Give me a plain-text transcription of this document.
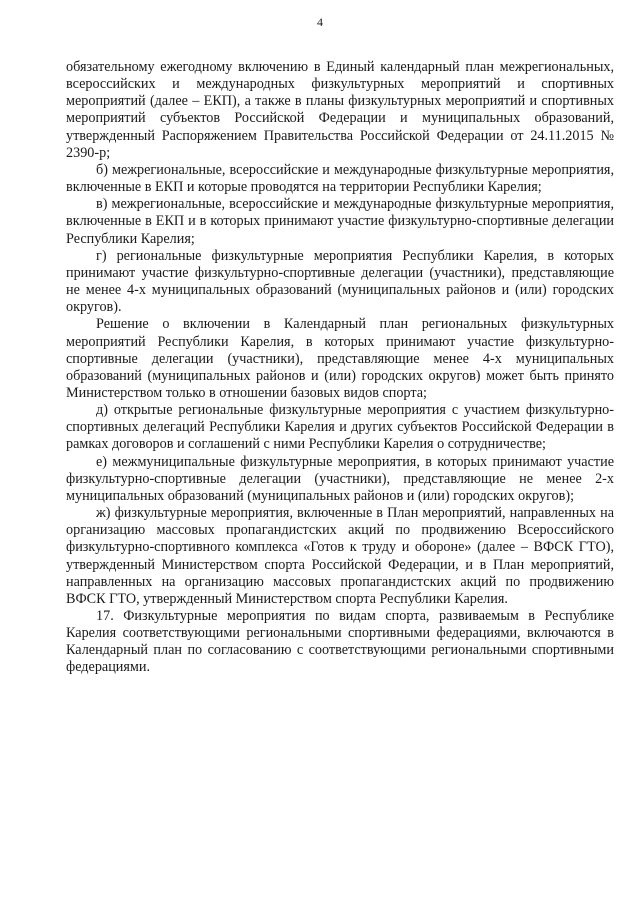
4

обязательному ежегодному включению в Единый календарный план межрегиональных, всероссийских и международных физкультурных мероприятий и спортивных мероприятий (далее – ЕКП), а также в планы физкультурных мероприятий и спортивных мероприятий субъектов Российской Федерации и муниципальных образований, утвержденный Распоряжением Правительства Российской Федерации от 24.11.2015 № 2390-р;

б) межрегиональные, всероссийские и международные физкультурные мероприятия, включенные в ЕКП и которые проводятся на территории Республики Карелия;

в) межрегиональные, всероссийские и международные физкультурные мероприятия, включенные в ЕКП и в которых принимают участие физкультурно-спортивные делегации Республики Карелия;

г) региональные физкультурные мероприятия Республики Карелия, в которых принимают участие физкультурно-спортивные делегации (участники), представляющие не менее 4-х муниципальных образований (муниципальных районов и (или) городских округов).

Решение о включении в Календарный план региональных физкультурных мероприятий Республики Карелия, в которых принимают участие физкультурно-спортивные делегации (участники), представляющие менее 4-х муниципальных образований (муниципальных районов и (или) городских округов) может быть принято Министерством только в отношении базовых видов спорта;

д) открытые региональные физкультурные мероприятия с участием физкультурно-спортивных делегаций Республики Карелия и других субъектов Российской Федерации в рамках договоров и соглашений с ними Республики Карелия о сотрудничестве;

е) межмуниципальные физкультурные мероприятия, в которых принимают участие физкультурно-спортивные делегации (участники), представляющие не менее 2-х муниципальных образований (муниципальных районов и (или) городских округов);

ж) физкультурные мероприятия, включенные в План мероприятий, направленных на организацию массовых пропагандистских акций по продвижению Всероссийского физкультурно-спортивного комплекса «Готов к труду и обороне» (далее – ВФСК ГТО), утвержденный Министерством спорта Российской Федерации, и в План мероприятий, направленных на организацию массовых пропагандистских акций по продвижению ВФСК ГТО, утвержденный Министерством спорта Республики Карелия.

17. Физкультурные мероприятия по видам спорта, развиваемым в Республике Карелия соответствующими региональными спортивными федерациями, включаются в Календарный план по согласованию с соответствующими региональными спортивными федерациями.
